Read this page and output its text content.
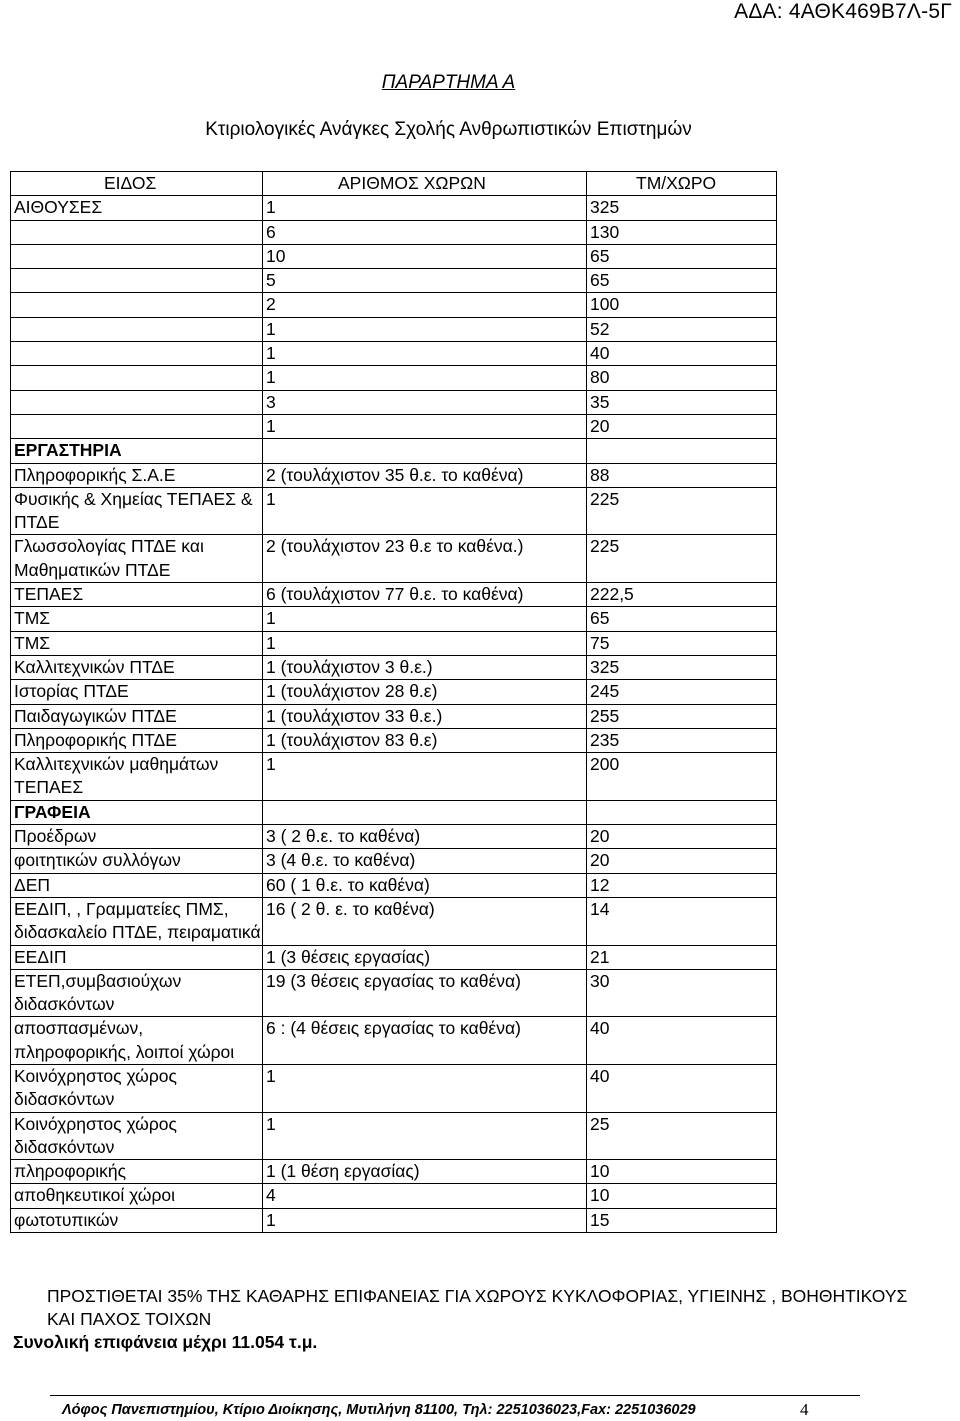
ΑΔΑ: 4ΑΘΚ469Β7Λ-5Γ
ΠΑΡΑΡΤΗΜΑ Α
Κτιριολογικές Ανάγκες Σχολής Ανθρωπιστικών Επιστημών
ΕΙΔΟΣ	ΑΡΙΘΜΟΣ ΧΩΡΩΝ	ΤΜ/ΧΩΡΟ
ΑΙΘΟΥΣΕΣ	1	325
	6	130
	10	65
	5	65
	2	100
	1	52
	1	40
	1	80
	3	35
	1	20
ΕΡΓΑΣΤΗΡΙΑ		
Πληροφορικής Σ.Α.Ε	2 (τουλάχιστον 35 θ.ε. το καθένα)	88
Φυσικής & Χημείας ΤΕΠΑΕΣ & ΠΤΔΕ	1	225
Γλωσσολογίας ΠΤΔΕ και Μαθηματικών ΠΤΔΕ	2 (τουλάχιστον 23 θ.ε το καθένα.)	225
ΤΕΠΑΕΣ	6 (τουλάχιστον 77 θ.ε. το καθένα)	222,5
ΤΜΣ	1	65
ΤΜΣ	1	75
Καλλιτεχνικών ΠΤΔΕ	1 (τουλάχιστον 3 θ.ε.)	325
Ιστορίας ΠΤΔΕ	1 (τουλάχιστον 28 θ.ε)	245
Παιδαγωγικών ΠΤΔΕ	1 (τουλάχιστον 33 θ.ε.)	255
Πληροφορικής ΠΤΔΕ	1 (τουλάχιστον 83 θ.ε)	235
Καλλιτεχνικών μαθημάτων ΤΕΠΑΕΣ	1	200
ΓΡΑΦΕΙΑ		
Προέδρων	3 ( 2 θ.ε. το καθένα)	20
φοιτητικών συλλόγων	3 (4 θ.ε. το καθένα)	20
ΔΕΠ	60 ( 1 θ.ε. το καθένα)	12
ΕΕΔΙΠ, , Γραμματείες ΠΜΣ, διδασκαλείο ΠΤΔΕ, πειραματικά	16 ( 2 θ. ε. το καθένα)	14
ΕΕΔΙΠ	1 (3 θέσεις εργασίας)	21
ΕΤΕΠ,συμβασιούχων διδασκόντων	19 (3 θέσεις εργασίας το καθένα)	30
αποσπασμένων, πληροφορικής, λοιποί χώροι	6 : (4 θέσεις εργασίας το καθένα)	40
Κοινόχρηστος χώρος διδασκόντων	1	40
Κοινόχρηστος χώρος διδασκόντων	1	25
πληροφορικής	1 (1 θέση εργασίας)	10
αποθηκευτικοί χώροι	4	10
φωτοτυπικών	1	15
ΠΡΟΣΤΙΘΕΤΑΙ 35% ΤΗΣ ΚΑΘΑΡΗΣ ΕΠΙΦΑΝΕΙΑΣ ΓΙΑ ΧΩΡΟΥΣ ΚΥΚΛΟΦΟΡΙΑΣ, ΥΓΙΕΙΝΗΣ , ΒΟΗΘΗΤΙΚΟΥΣ ΚΑΙ ΠΑΧΟΣ ΤΟΙΧΩΝ
Συνολική επιφάνεια μέχρι 11.054 τ.μ.
Λόφος Πανεπιστημίου, Κτίριο Διοίκησης, Μυτιλήνη 81100, Τηλ: 2251036023,Fax: 2251036029	4
